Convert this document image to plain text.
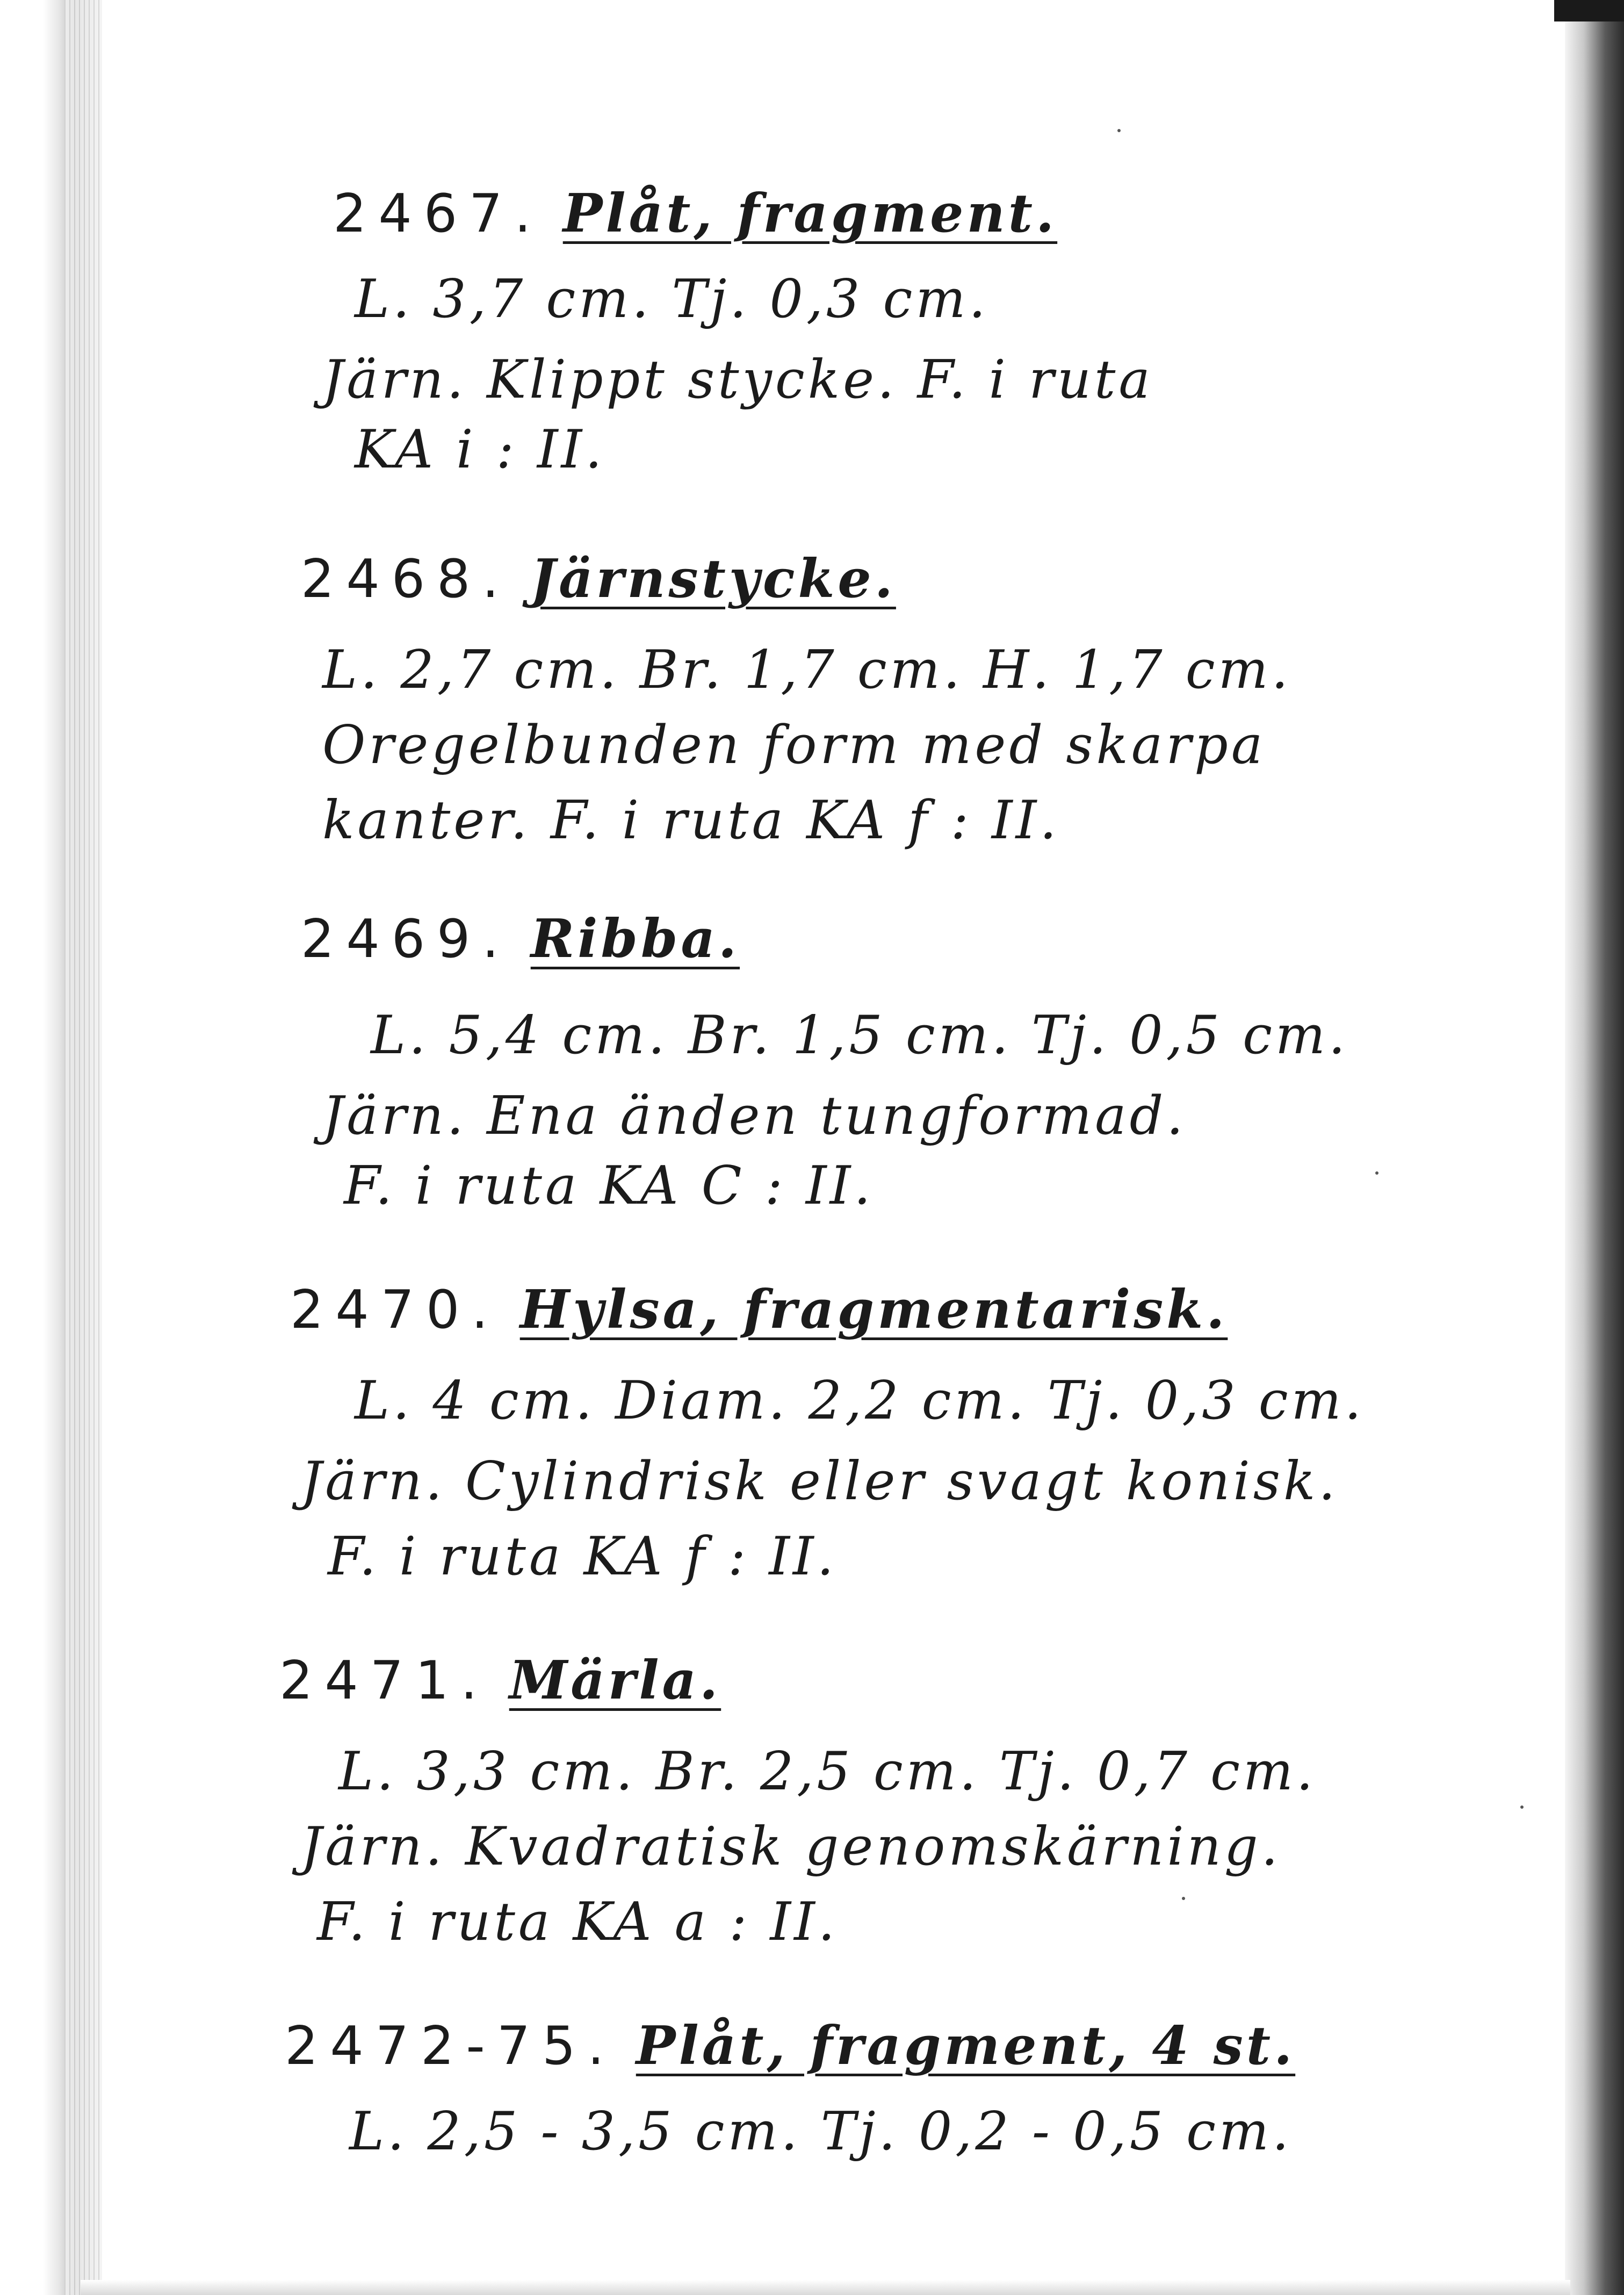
2467. Plåt, fragment.
L. 3,7 cm. Tj. 0,3 cm.
Järn. Klippt stycke. F. i ruta
KA i : II.
2468. Järnstycke.
L. 2,7 cm. Br. 1,7 cm. H. 1,7 cm.
Oregelbunden form med skarpa
kanter. F. i ruta KA f : II.
2469. Ribba.
L. 5,4 cm. Br. 1,5 cm. Tj. 0,5 cm.
Järn. Ena änden tungformad.
F. i ruta KA C : II.
2470. Hylsa, fragmentarisk.
L. 4 cm. Diam. 2,2 cm. Tj. 0,3 cm.
Järn. Cylindrisk eller svagt konisk.
F. i ruta KA f : II.
2471. Märla.
L. 3,3 cm. Br. 2,5 cm. Tj. 0,7 cm.
Järn. Kvadratisk genomskärning.
F. i ruta KA a : II.
2472-75. Plåt, fragment, 4 st.
L. 2,5 - 3,5 cm. Tj. 0,2 - 0,5 cm.
